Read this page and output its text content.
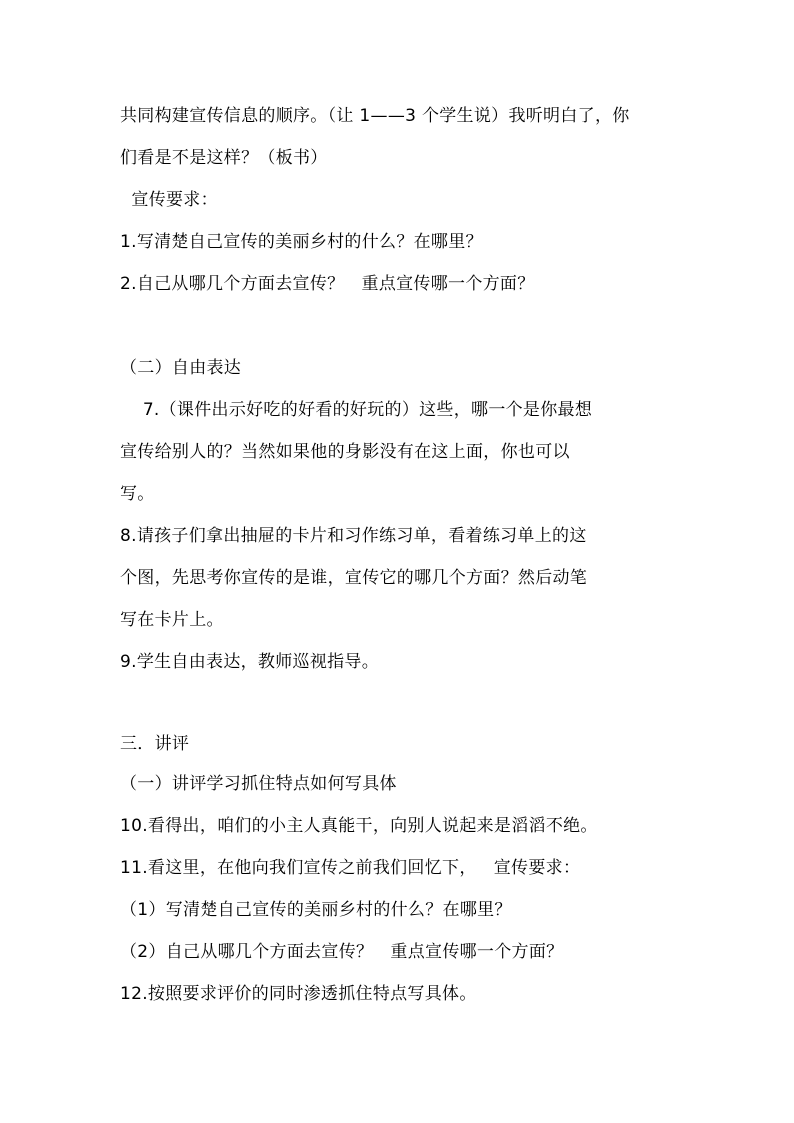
共同构建宣传信息的顺序。（让 1——3 个学生说）我听明白了，你
们看是不是这样？（板书）
宣传要求：
1.写清楚自己宣传的美丽乡村的什么？在哪里？
2.自己从哪几个方面去宣传？   重点宣传哪一个方面？
（二）自由表达
7.（课件出示好吃的好看的好玩的）这些，哪一个是你最想
宣传给别人的？当然如果他的身影没有在这上面，你也可以
写。
8.请孩子们拿出抽屉的卡片和习作练习单，看着练习单上的这
个图，先思考你宣传的是谁，宣传它的哪几个方面？然后动笔
写在卡片上。
9.学生自由表达，教师巡视指导。
三．讲评
（一）讲评学习抓住特点如何写具体
10.看得出，咱们的小主人真能干，向别人说起来是滔滔不绝。
11.看这里，在他向我们宣传之前我们回忆下，   宣传要求：
（1）写清楚自己宣传的美丽乡村的什么？在哪里？
（2）自己从哪几个方面去宣传？   重点宣传哪一个方面？
12.按照要求评价的同时渗透抓住特点写具体。
